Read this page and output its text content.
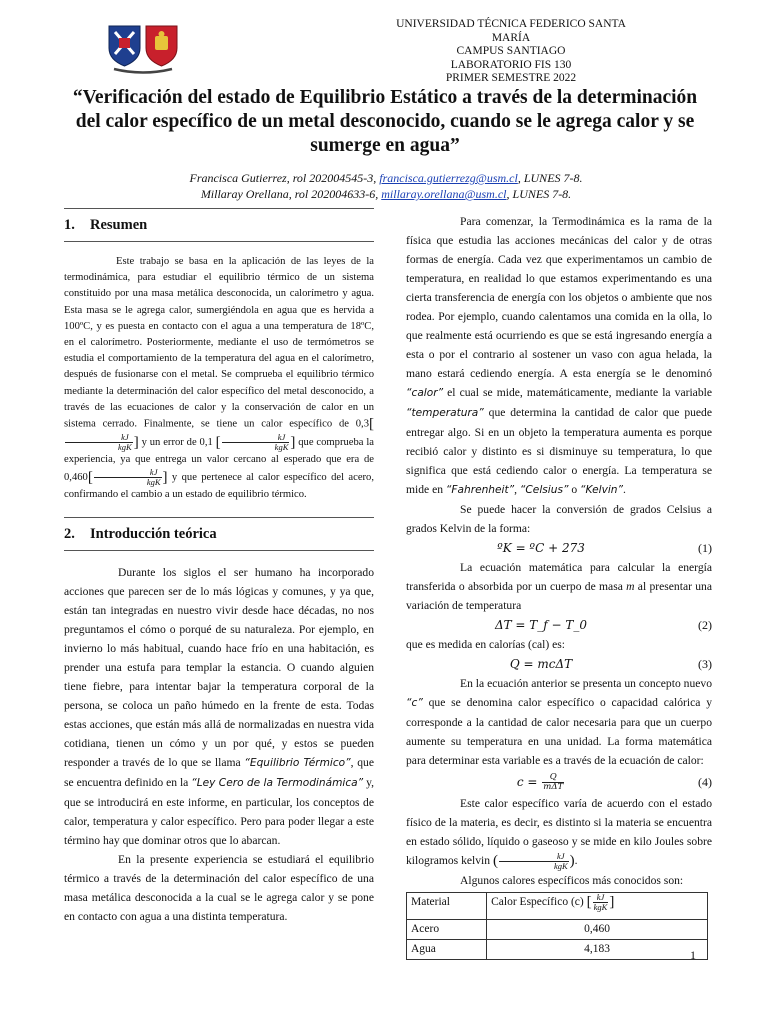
UNIVERSIDAD TÉCNICA FEDERICO SANTA MARÍA
CAMPUS SANTIAGO
LABORATORIO FIS 130
PRIMER SEMESTRE 2022
“Verificación del estado de Equilibrio Estático a través de la determinación del calor específico de un metal desconocido, cuando se le agrega calor y se sumerge en agua”
Francisca Gutierrez, rol 202004545-3, francisca.gutierrezg@usm.cl, LUNES 7-8.
Millaray Orellana, rol 202004633-6, millaray.orellana@usm.cl, LUNES 7-8.
1. Resumen

Este trabajo se basa en la aplicación de las leyes de la termodinámica, para estudiar el equilibrio térmico de un sistema constituido por una masa metálica desconocida, un calorímetro y agua. Esta masa se le agrega calor, sumergiéndola en agua que es hervida a 100ºC, y es puesta en contacto con el agua a una temperatura de 18ºC, en el calorímetro. Posteriormente, mediante el uso de termómetros se estudia el comportamiento de la temperatura del agua en el calorímetro, después de fusionarse con el metal. Se comprueba el equilibrio térmico mediante la determinación del calor específico del metal desconocido, a través de las ecuaciones de calor y la conservación de calor en un sistema cerrado. Finalmente, se tiene un calor específico de 0,3[
$\frac{kJ}{\text{kgK}}$ ] y un error de 0,1 [ $\frac{kJ}{\text{kgK}}$ ] que comprueba la experiencia, ya que entrega un valor cercano al esperado que era de $0,460[ \frac{kJ}{\text{kgK}}$ ] y que pertenece al calor específico del acero, confirmando el cambio a un estado de equilibrio térmico.

2. Introducción teórica

Durante los siglos el ser humano ha incorporado acciones que parecen ser de lo más lógicas y comunes, y ya que, están tan integradas en nuestro vivir desde hace décadas, no nos preguntamos el cómo o porqué de su naturaleza. Por ejemplo, en invierno lo más habitual, cuando hace frío en una habitación, es prender una estufa para templar la estancia. O cuando alguien tiene fiebre, para intentar bajar la temperatura corporal de la persona, se coloca un paño húmedo en la frente de esta. Todas estas acciones, que están más allá de normalizadas en nuestra vida cotidiana, tienen un cómo y un por qué, y estos se pueden responder a través de lo que se llama “Equilibrio Térmico”, que se encuentra definido en la “Ley Cero de la Termodinámica” y, que se introducirá en este informe, en particular, los conceptos de calor, temperatura y calor específico. Pero para poder llegar a este término hay que dominar otros que lo abarcan.

En la presente experiencia se estudiará el equilibrio térmico a través de la determinación del calor específico de una masa metálica desconocida a la cual se le agrega calor y se pone en contacto con agua a una distinta temperatura.

Para comenzar, la Termodinámica es la rama de la física que estudia las acciones mecánicas del calor y de otras formas de energía. Cada vez que experimentamos un cambio de temperatura, en realidad lo que estamos experimentando es una cierta transferencia de energía con los objetos o ambiente que nos rodea. Por ejemplo, cuando calentamos una comida en la olla, lo que realmente está ocurriendo es que se está ingresando energía a esta o por el contrario al sostener un vaso con agua helada, la mano estará cediendo energía. A esta energía se le denominó “calor” el cual se mide, matemáticamente, mediante la variable “temperatura” que determina la cantidad de calor que puede entregar algo. Si en un objeto la temperatura aumenta es porque recibió calor y distinto es si disminuye su temperatura, lo que significa que está cediendo calor o energía. La temperatura se mide en “Fahrenheit”, “Celsius” o “Kelvin”.

Se puede hacer la conversión de grados Celsius a grados Kelvin de la forma:

ºK = ºC + 273	(1)

La ecuación matemática para calcular la energía transferida o absorbida por un cuerpo de masa m al presentar una variación de temperatura

ΔT = T_f − T_0	(2)

que es medida en calorías (cal) es:

Q = mcΔT	(3)

En la ecuación anterior se presenta un concepto nuevo “c” que se denomina calor específico o capacidad calórica y corresponde a la cantidad de calor necesaria para que un cuerpo aumente su temperatura en una unidad. La forma matemática para determinar esta variable es a través de la ecuación de calor:

$c = \frac{Q}{\text{mΔT}}$	(4)

Este calor específico varía de acuerdo con el estado físico de la materia, es decir, es distinto si la materia se encuentra en estado sólido, líquido o gaseoso y se mide en kilo Joules sobre kilogramos kelvin ( $\frac{kJ}{\text{kgK}}$ ).

Algunos calores específicos más conocidos son:

Material	Calor Específico (c) [ $\frac{kJ}{\text{kgK}}$ ]
Acero	0,460
Agua	4,183	1
